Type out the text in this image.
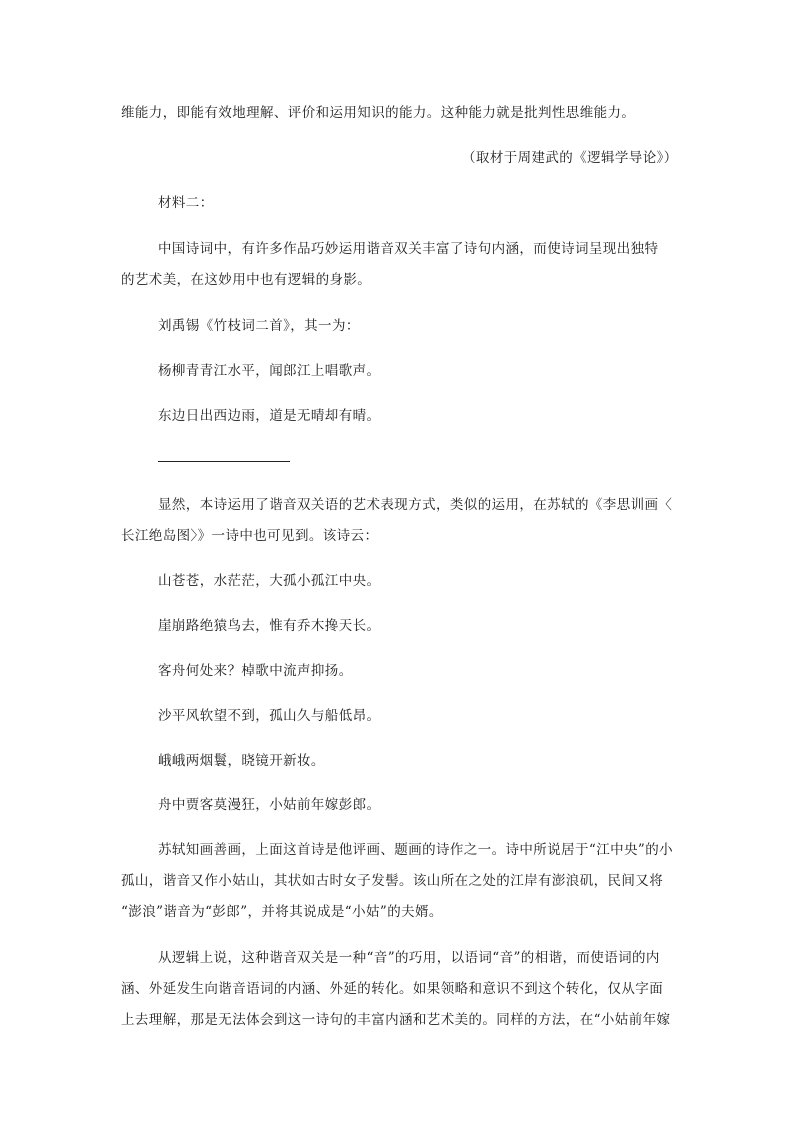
维能力，即能有效地理解、评价和运用知识的能力。这种能力就是批判性思维能力。
（取材于周建武的《逻辑学导论》）
材料二：
中国诗词中，有许多作品巧妙运用谐音双关丰富了诗句内涵，而使诗词呈现出独特
的艺术美，在这妙用中也有逻辑的身影。
刘禹锡《竹枝词二首》，其一为：
杨柳青青江水平，闻郎江上唱歌声。
东边日出西边雨，道是无晴却有晴。
显然，本诗运用了谐音双关语的艺术表现方式，类似的运用，在苏轼的《李思训画〈
长江绝岛图〉》一诗中也可见到。该诗云：
山苍苍，水茫茫，大孤小孤江中央。
崖崩路绝猿鸟去，惟有乔木搀天长。
客舟何处来？棹歌中流声抑扬。
沙平风软望不到，孤山久与船低昂。
峨峨两烟鬟，晓镜开新妆。
舟中贾客莫漫狂，小姑前年嫁彭郎。
苏轼知画善画，上面这首诗是他评画、题画的诗作之一。诗中所说居于“江中央”的小
孤山，谐音又作小姑山，其状如古时女子发髻。该山所在之处的江岸有澎浪矶，民间又将
“澎浪”谐音为“彭郎”，并将其说成是“小姑”的夫婿。
从逻辑上说，这种谐音双关是一种“音”的巧用，以语词“音”的相谐，而使语词的内
涵、外延发生向谐音语词的内涵、外延的转化。如果领略和意识不到这个转化，仅从字面
上去理解，那是无法体会到这一诗句的丰富内涵和艺术美的。同样的方法，在“小姑前年嫁
